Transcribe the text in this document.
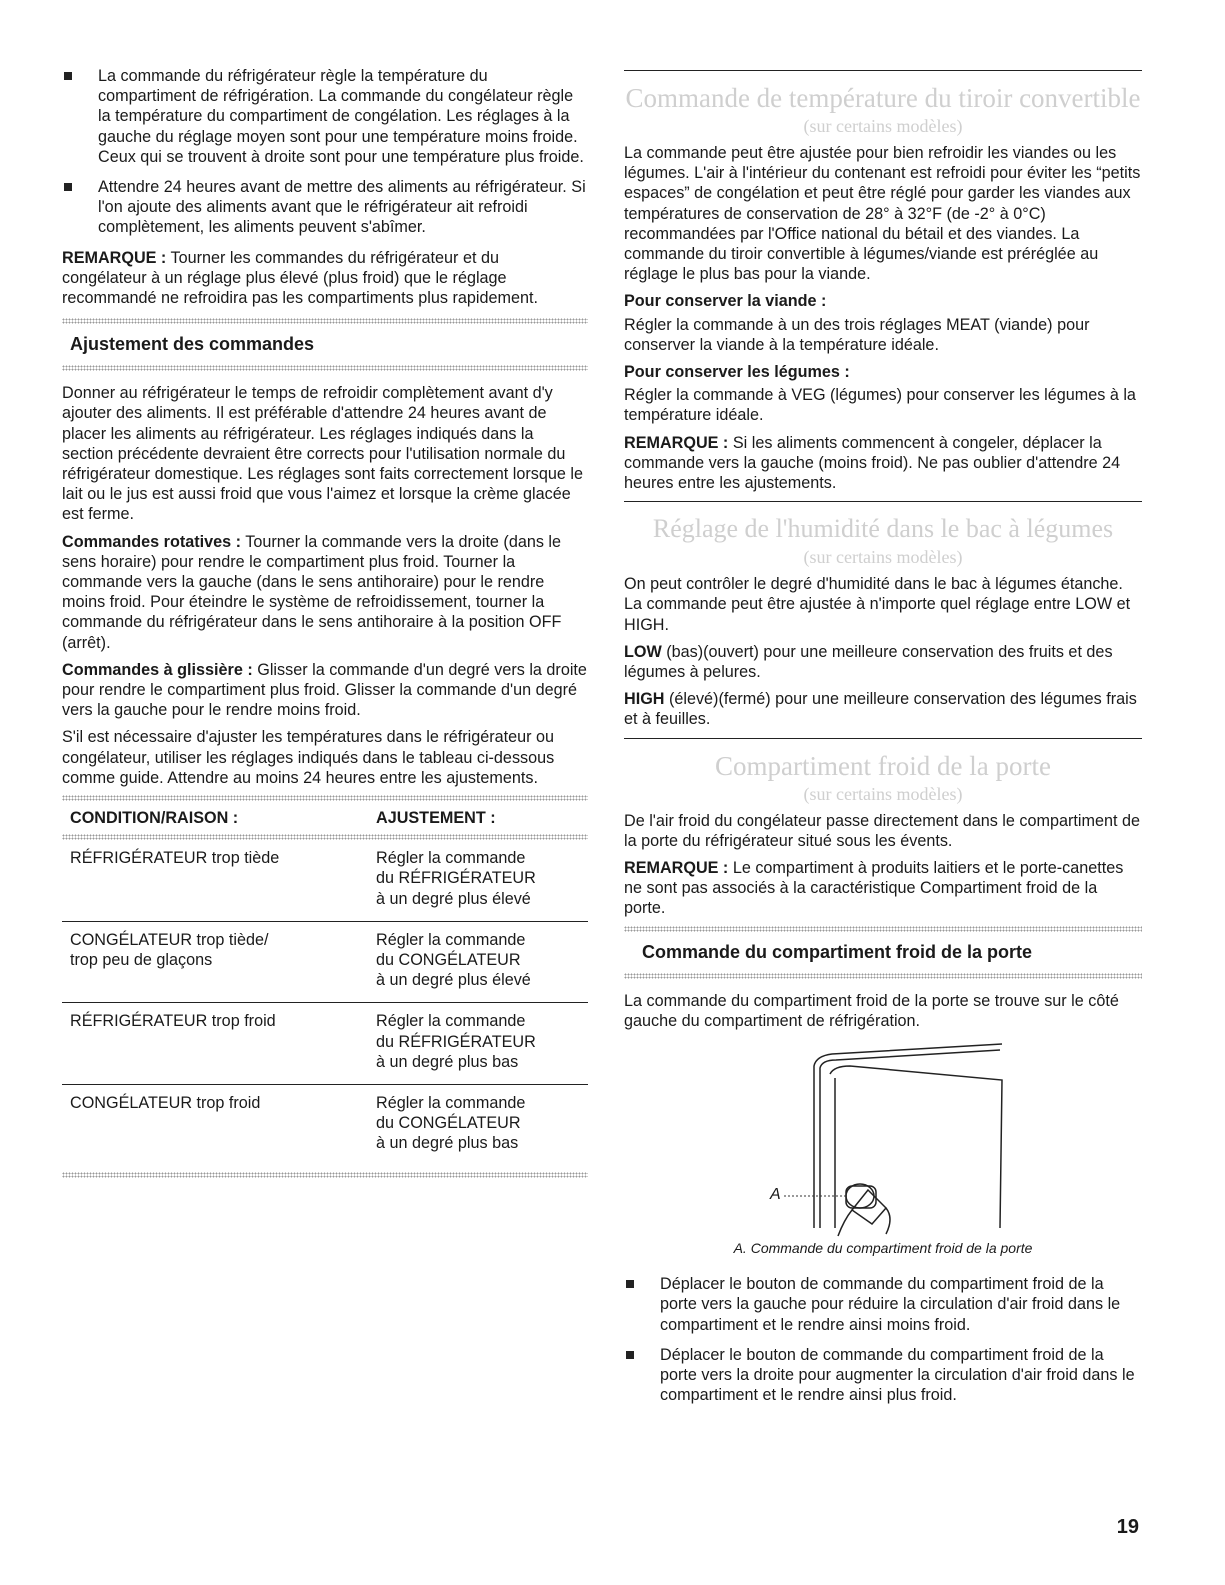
La commande du réfrigérateur règle la température du compartiment de réfrigération. La commande du congélateur règle la température du compartiment de congélation. Les réglages à la gauche du réglage moyen sont pour une température moins froide. Ceux qui se trouvent à droite sont pour une température plus froide.

Attendre 24 heures avant de mettre des aliments au réfrigérateur. Si l'on ajoute des aliments avant que le réfrigérateur ait refroidi complètement, les aliments peuvent s'abîmer.

REMARQUE : Tourner les commandes du réfrigérateur et du congélateur à un réglage plus élevé (plus froid) que le réglage recommandé ne refroidira pas les compartiments plus rapidement.

Ajustement des commandes

Donner au réfrigérateur le temps de refroidir complètement avant d'y ajouter des aliments. Il est préférable d'attendre 24 heures avant de placer les aliments au réfrigérateur. Les réglages indiqués dans la section précédente devraient être corrects pour l'utilisation normale du réfrigérateur domestique. Les réglages sont faits correctement lorsque le lait ou le jus est aussi froid que vous l'aimez et lorsque la crème glacée est ferme.

Commandes rotatives : Tourner la commande vers la droite (dans le sens horaire) pour rendre le compartiment plus froid. Tourner la commande vers la gauche (dans le sens antihoraire) pour le rendre moins froid. Pour éteindre le système de refroidissement, tourner la commande du réfrigérateur dans le sens antihoraire à la position OFF (arrêt).

Commandes à glissière : Glisser la commande d'un degré vers la droite pour rendre le compartiment plus froid. Glisser la commande d'un degré vers la gauche pour le rendre moins froid.

S'il est nécessaire d'ajuster les températures dans le réfrigérateur ou congélateur, utiliser les réglages indiqués dans le tableau ci-dessous comme guide. Attendre au moins 24 heures entre les ajustements.

CONDITION/RAISON :	AJUSTEMENT :

RÉFRIGÉRATEUR trop tiède	Régler la commande
du RÉFRIGÉRATEUR
à un degré plus élevé
CONGÉLATEUR trop tiède/
trop peu de glaçons	Régler la commande
du CONGÉLATEUR
à un degré plus élevé
RÉFRIGÉRATEUR trop froid	Régler la commande
du RÉFRIGÉRATEUR
à un degré plus bas
CONGÉLATEUR trop froid	Régler la commande
du CONGÉLATEUR
à un degré plus bas
Commande de température du tiroir convertible
(sur certains modèles)

La commande peut être ajustée pour bien refroidir les viandes ou les légumes. L'air à l'intérieur du contenant est refroidi pour éviter les “petits espaces” de congélation et peut être réglé pour garder les viandes aux températures de conservation de 28° à 32°F (de -2° à 0°C) recommandées par l'Office national du bétail et des viandes. La commande du tiroir convertible à légumes/viande est préréglée au réglage le plus bas pour la viande.

Pour conserver la viande :

Régler la commande à un des trois réglages MEAT (viande) pour conserver la viande à la température idéale.

Pour conserver les légumes :

Régler la commande à VEG (légumes) pour conserver les légumes à la température idéale.

REMARQUE : Si les aliments commencent à congeler, déplacer la commande vers la gauche (moins froid). Ne pas oublier d'attendre 24 heures entre les ajustements.

Réglage de l'humidité dans le bac à légumes
(sur certains modèles)

On peut contrôler le degré d'humidité dans le bac à légumes étanche. La commande peut être ajustée à n'importe quel réglage entre LOW et HIGH.

LOW (bas)(ouvert) pour une meilleure conservation des fruits et des légumes à pelures.

HIGH (élevé)(fermé) pour une meilleure conservation des légumes frais et à feuilles.

Compartiment froid de la porte
(sur certains modèles)

De l'air froid du congélateur passe directement dans le compartiment de la porte du réfrigérateur situé sous les évents.

REMARQUE : Le compartiment à produits laitiers et le porte-canettes ne sont pas associés à la caractéristique Compartiment froid de la porte.

Commande du compartiment froid de la porte

La commande du compartiment froid de la porte se trouve sur le côté gauche du compartiment de réfrigération.

A
A. Commande du compartiment froid de la porte

Déplacer le bouton de commande du compartiment froid de la porte vers la gauche pour réduire la circulation d'air froid dans le compartiment et le rendre ainsi moins froid.

Déplacer le bouton de commande du compartiment froid de la porte vers la droite pour augmenter la circulation d'air froid dans le compartiment et le rendre ainsi plus froid.

19
